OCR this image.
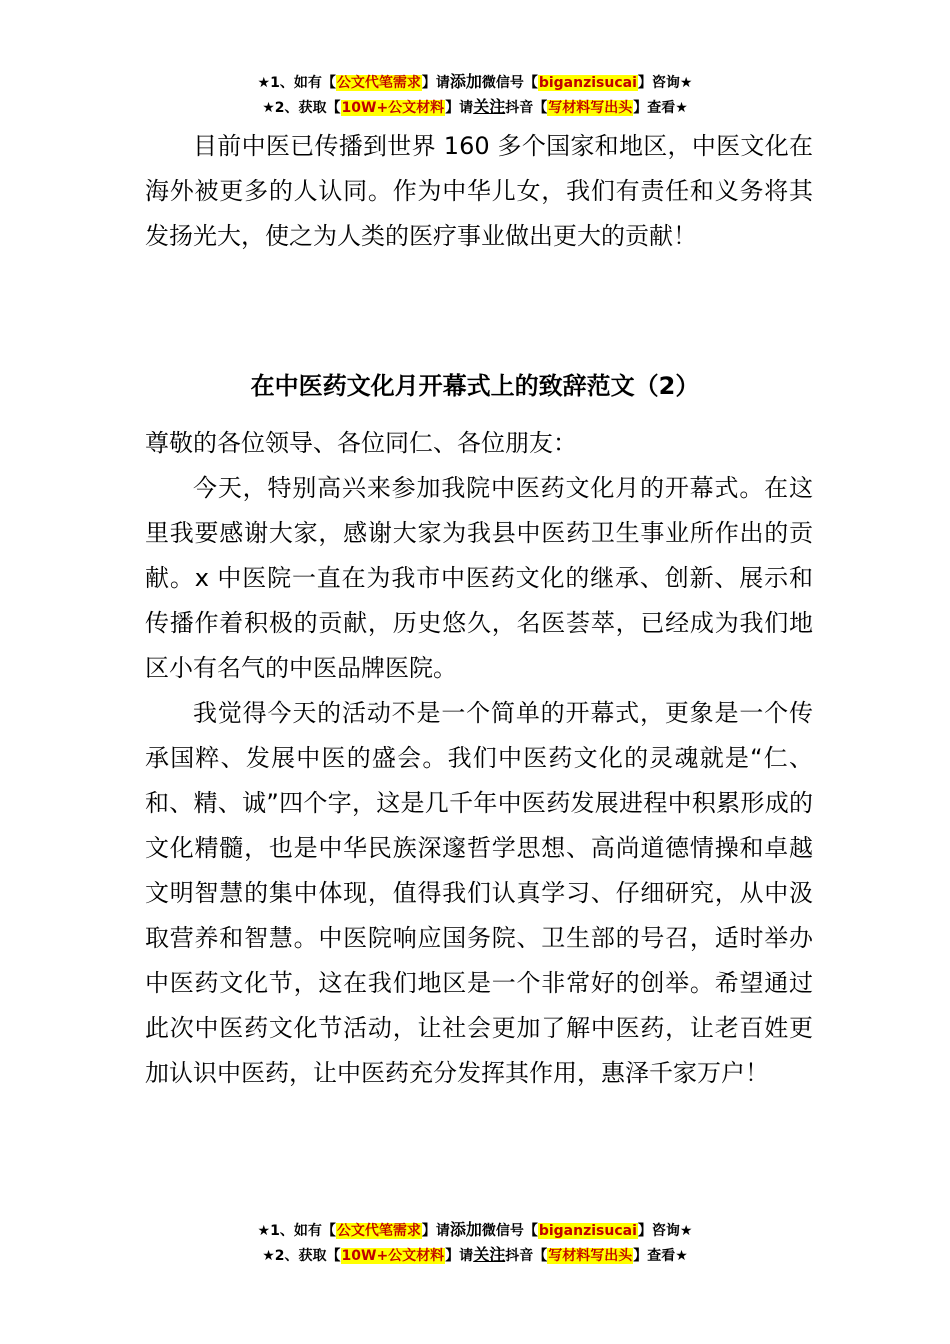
★1、如有【公文代笔需求】请添加微信号【biganzisucai】咨询★
★2、获取【10W+公文材料】请关注抖音【写材料写出头】查看★

目前中医已传播到世界 160 多个国家和地区，中医文化在海外被更多的人认同。作为中华儿女，我们有责任和义务将其发扬光大，使之为人类的医疗事业做出更大的贡献！

在中医药文化月开幕式上的致辞范文（2）

尊敬的各位领导、各位同仁、各位朋友：

今天，特别高兴来参加我院中医药文化月的开幕式。在这里我要感谢大家，感谢大家为我县中医药卫生事业所作出的贡献。x 中医院一直在为我市中医药文化的继承、创新、展示和传播作着积极的贡献，历史悠久，名医荟萃，已经成为我们地区小有名气的中医品牌医院。

我觉得今天的活动不是一个简单的开幕式，更象是一个传承国粹、发展中医的盛会。我们中医药文化的灵魂就是“仁、和、精、诚”四个字，这是几千年中医药发展进程中积累形成的文化精髓，也是中华民族深邃哲学思想、高尚道德情操和卓越文明智慧的集中体现，值得我们认真学习、仔细研究，从中汲取营养和智慧。中医院响应国务院、卫生部的号召，适时举办中医药文化节，这在我们地区是一个非常好的创举。希望通过此次中医药文化节活动，让社会更加了解中医药，让老百姓更加认识中医药，让中医药充分发挥其作用，惠泽千家万户！

★1、如有【公文代笔需求】请添加微信号【biganzisucai】咨询★
★2、获取【10W+公文材料】请关注抖音【写材料写出头】查看★
